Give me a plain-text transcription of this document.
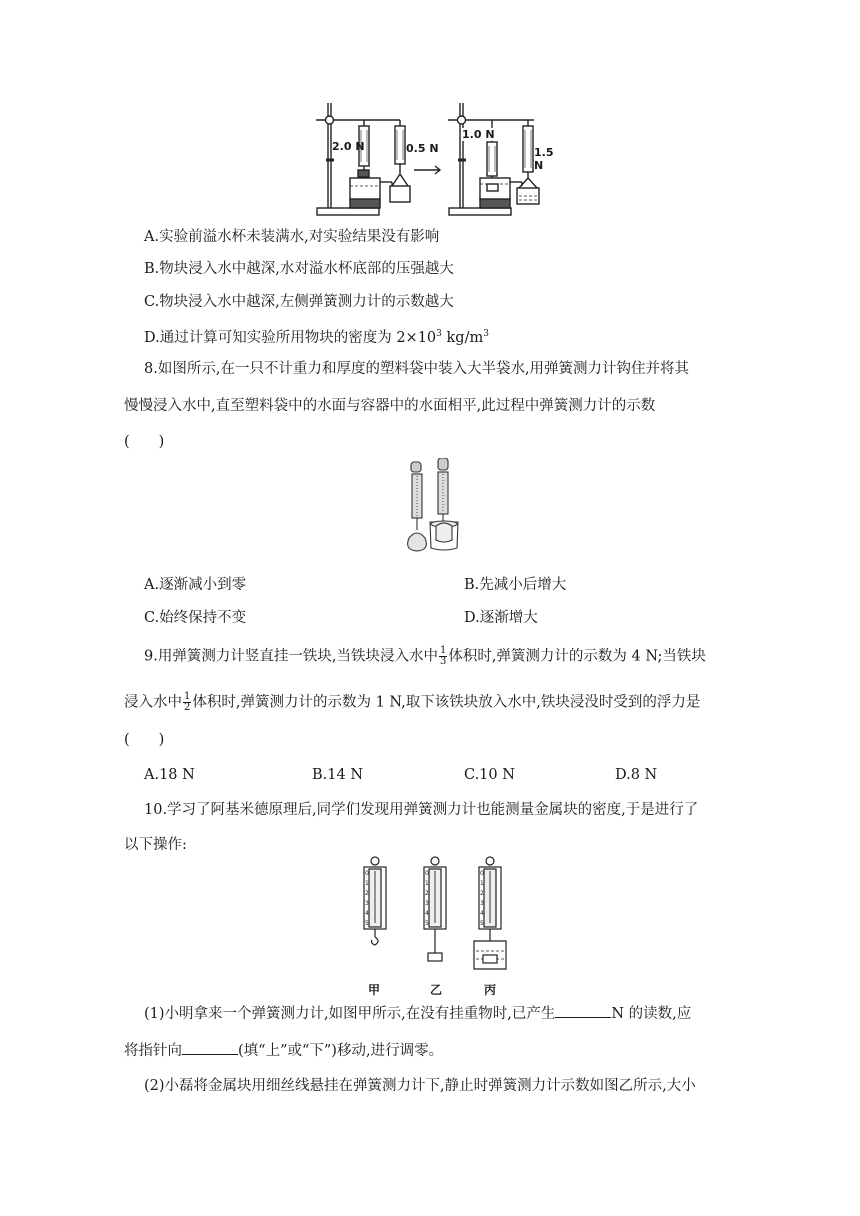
2.0 N	0.5 N
1.0 N
1.5 N
A.实验前溢水杯未装满水,对实验结果没有影响
B.物块浸入水中越深,水对溢水杯底部的压强越大
C.物块浸入水中越深,左侧弹簧测力计的示数越大
D.通过计算可知实验所用物块的密度为 $2\times 10^3$ $kg/m^3$
8.如图所示,在一只不计重力和厚度的塑料袋中装入大半袋水,用弹簧测力计钩住并将其
慢慢浸入水中,直至塑料袋中的水面与容器中的水面相平,此过程中弹簧测力计的示数
(　　)
A.逐渐减小到零	B.先减小后增大
C.始终保持不变	D.逐渐增大
9.用弹簧测力计竖直挂一铁块,当铁块浸入水中 $\frac{1}{3}$ 体积时,弹簧测力计的示数为 4 N;当铁块
浸入水中 $\frac{1}{2}$ 体积时,弹簧测力计的示数为 1 N,取下该铁块放入水中,铁块浸没时受到的浮力是
(　　)
A.18 N	B.14 N	C.10 N	D.8 N
10.学习了阿基米德原理后,同学们发现用弹簧测力计也能测量金属块的密度,于是进行了
以下操作:
0
1
2
3
4
5
0
1
2
3
4
5
0
1
2
3
4
5
甲	乙	丙
(1)小明拿来一个弹簧测力计,如图甲所示,在没有挂重物时,已产生	N 的读数,应
将指针向	(填“上”或“下”)移动,进行调零。
(2)小磊将金属块用细丝线悬挂在弹簧测力计下,静止时弹簧测力计示数如图乙所示,大小
